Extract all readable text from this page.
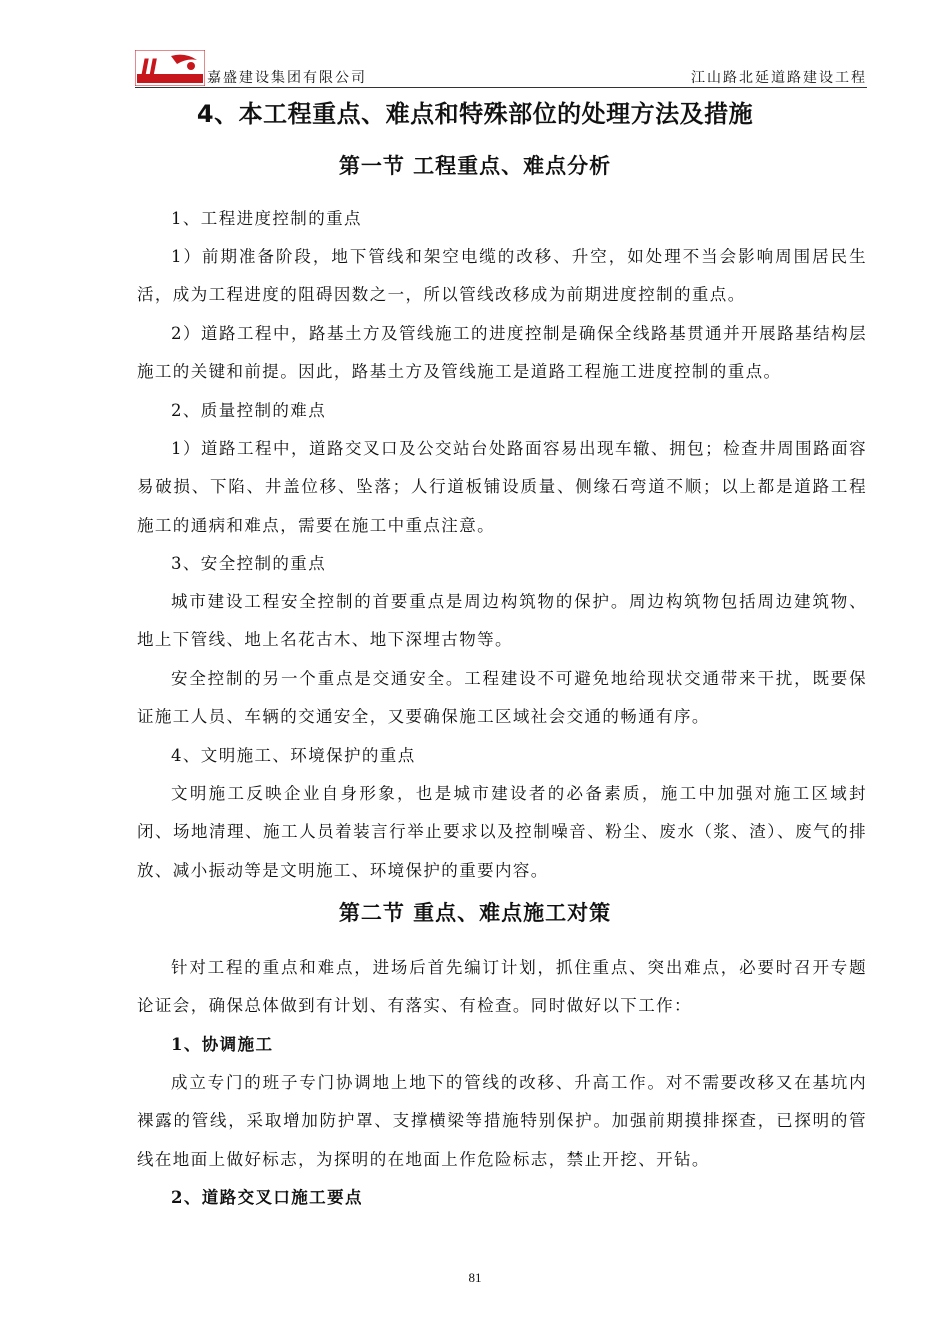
JI	嘉盛建设集团有限公司	江山路北延道路建设工程
4、本工程重点、难点和特殊部位的处理方法及措施
第一节 工程重点、难点分析

1、工程进度控制的重点

1）前期准备阶段，地下管线和架空电缆的改移、升空，如处理不当会影响周围居民生活，成为工程进度的阻碍因数之一，所以管线改移成为前期进度控制的重点。

2）道路工程中，路基土方及管线施工的进度控制是确保全线路基贯通并开展路基结构层施工的关键和前提。因此，路基土方及管线施工是道路工程施工进度控制的重点。

2、质量控制的难点

1）道路工程中，道路交叉口及公交站台处路面容易出现车辙、拥包；检查井周围路面容易破损、下陷、井盖位移、坠落；人行道板铺设质量、侧缘石弯道不顺；以上都是道路工程施工的通病和难点，需要在施工中重点注意。

3、安全控制的重点

城市建设工程安全控制的首要重点是周边构筑物的保护。周边构筑物包括周边建筑物、地上下管线、地上名花古木、地下深埋古物等。

安全控制的另一个重点是交通安全。工程建设不可避免地给现状交通带来干扰，既要保证施工人员、车辆的交通安全，又要确保施工区域社会交通的畅通有序。

4、文明施工、环境保护的重点

文明施工反映企业自身形象，也是城市建设者的必备素质，施工中加强对施工区域封闭、场地清理、施工人员着装言行举止要求以及控制噪音、粉尘、废水（浆、渣）、废气的排放、减小振动等是文明施工、环境保护的重要内容。

第二节 重点、难点施工对策

针对工程的重点和难点，进场后首先编订计划，抓住重点、突出难点，必要时召开专题论证会，确保总体做到有计划、有落实、有检查。同时做好以下工作：

1、协调施工

成立专门的班子专门协调地上地下的管线的改移、升高工作。对不需要改移又在基坑内裸露的管线，采取增加防护罩、支撑横梁等措施特别保护。加强前期摸排探查，已探明的管线在地面上做好标志，为探明的在地面上作危险标志，禁止开挖、开钻。

2、道路交叉口施工要点

81
